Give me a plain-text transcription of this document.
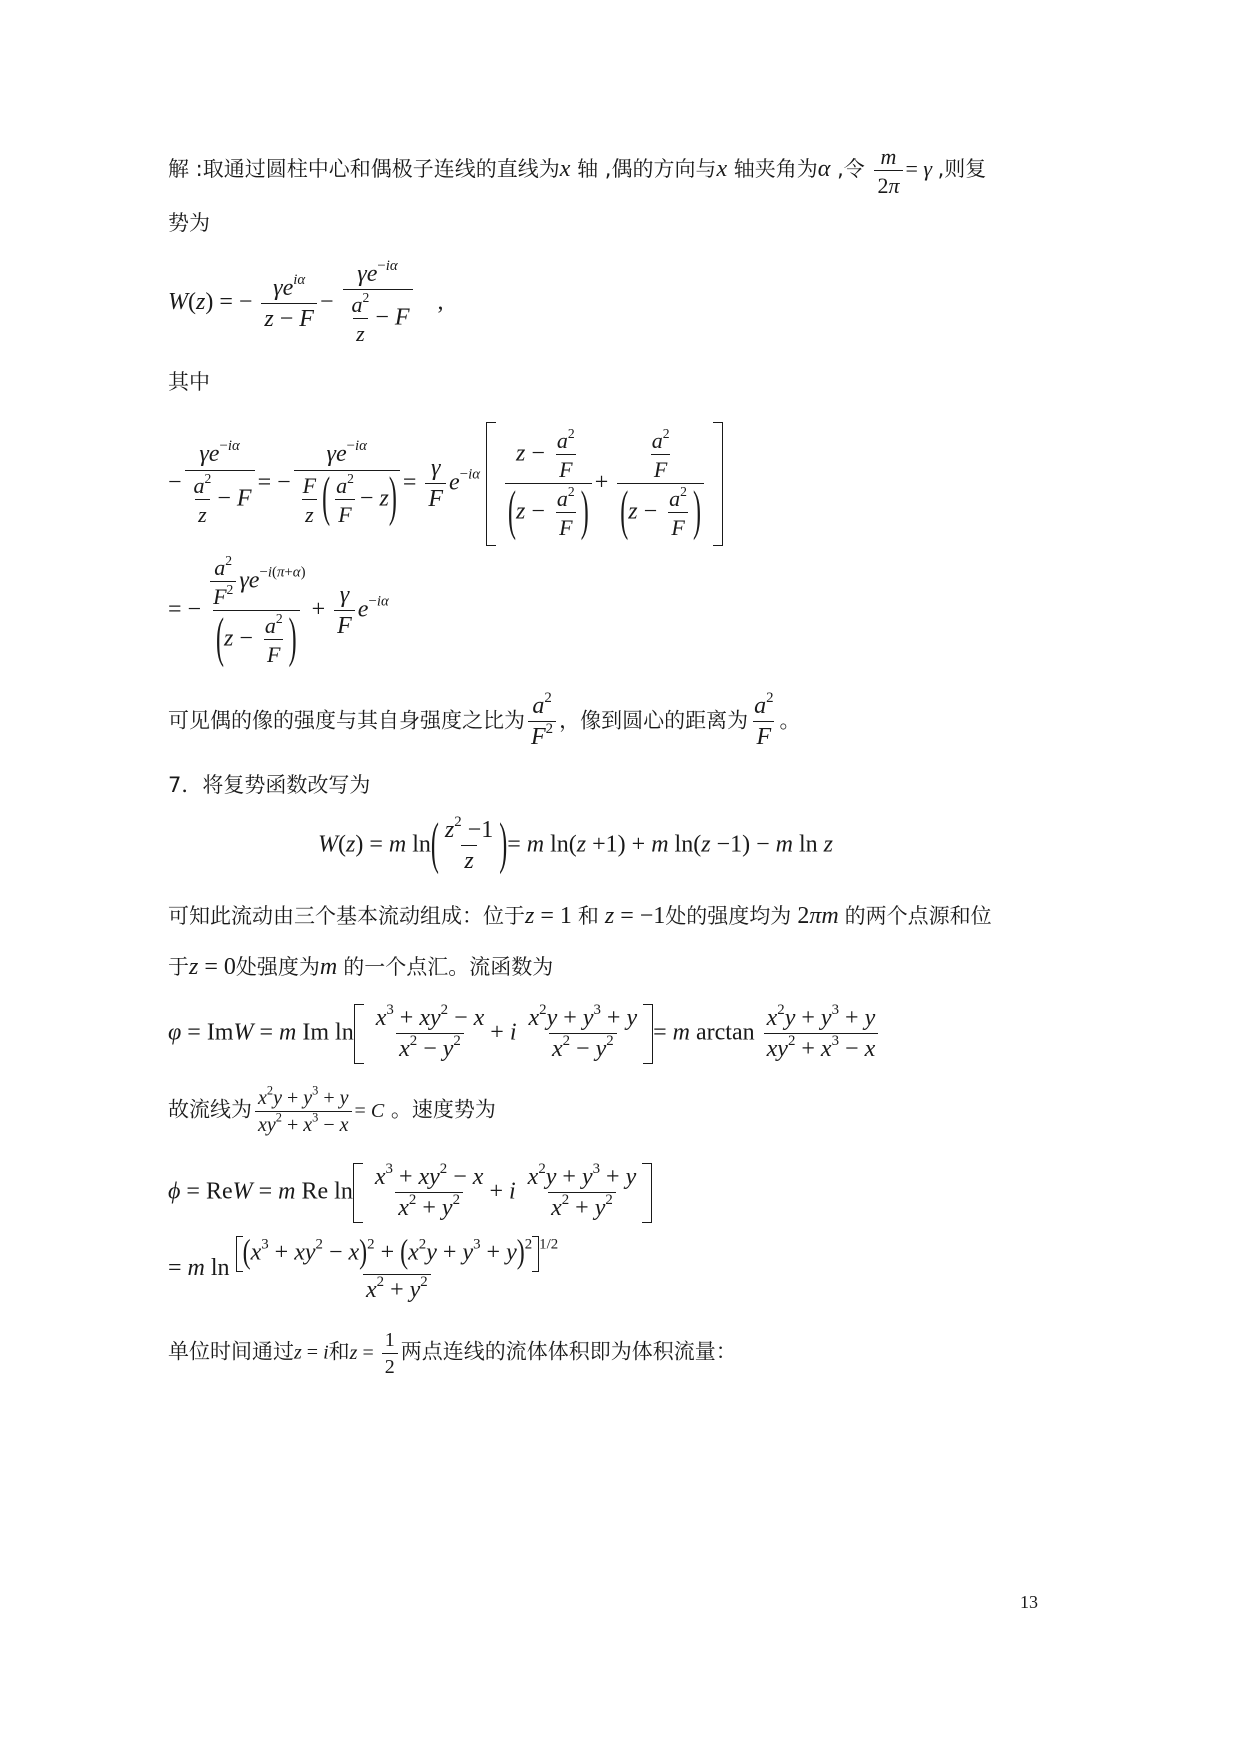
解 :取通过圆柱中心和偶极子连线的直线为x 轴 ,偶的方向与x 轴夹角为α ,令 $\frac{m}{2\pi} = \gamma$ ,则复
势为
W(z) = − $\frac{\gamma e^{i\alpha}}{z - F} - \frac{\gamma e^{-i\alpha}}{\frac{a^2}{z} - F}$ ,
其中
− $\frac{\gamma e^{-i\alpha}}{\frac{a^2}{z} - F}$ = − $\frac{\gamma e^{-i\alpha}}{\frac{F}{z} ( \frac{a^2}{F} - z)} = \frac{\gamma}{F} e^{-i\alpha} \frac{z - \frac{a^2}{F}}{(z - \frac{a^2}{F} )} + \frac{\frac{a^2}{F}}{(z - \frac{a^2}{F} )}$

= − $\frac{\frac{a^2}{F^2} \gamma e^{-i(\pi+\alpha)}}{(z - \frac{a^2}{F} )} + \frac{\gamma}{F} e^{-i\alpha}$
可见偶的像的强度与其自身强度之比为 $\frac{a^2}{F^2}$ ，像到圆心的距离为 $\frac{a^2}{F}$ 。
7．将复势函数改写为
W(z) = m $\ln( \frac{z^2 -1}{z}$ )= m ln(z +1) + m ln(z −1) − m ln z
可知此流动由三个基本流动组成：位于z = 1 和 z = −1处的强度均为 2πm 的两个点源和位
于z = 0处强度为m 的一个点汇。流函数为
φ = ImW = m Im $\ln \frac{x^3 + xy^2 - x}{x^2 - y^2} + i \frac{x^2y + y^3 + y}{x^2 - y^2} = m$ $\arctan \frac{x^2y + y^3 + y}{xy^2 + x^3 - x}$
故流线为 $\frac{x^2y + y^3 + y}{xy^2 + x^3 - x} = C$ 。速度势为
ϕ = ReW = m Re $\ln \frac{x^3 + xy^2 - x}{x^2 + y^2} + i \frac{x^2y + y^3 + y}{x^2 + y^2}$
= m $\ln \frac{(x^3 + xy^2 - x)^2 + (x^2y + y^3 + y)^2 ^{1/2}}{x^2 + y^2}$
单位时间通过z = i和$z = \frac{1}{2}$ 两点连线的流体体积即为体积流量：
13
